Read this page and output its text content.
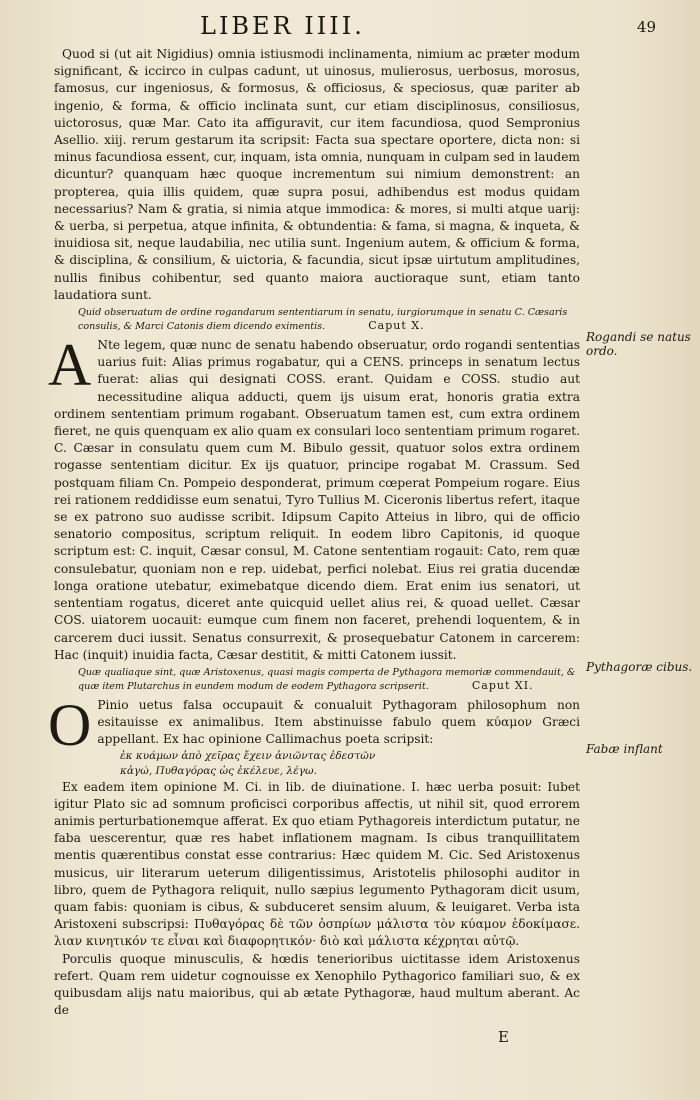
LIBER IIII.	49

Quod si (ut ait Nigidius) omnia istiusmodi inclinamenta, nimium ac præter modum significant, & iccirco in culpas cadunt, ut uinosus, mulierosus, uerbosus, morosus, famosus, cur ingeniosus, & formosus, & officiosus, & speciosus, quæ pariter ab ingenio, & forma, & officio inclinata sunt, cur etiam disciplinosus, consiliosus, uictorosus, quæ Mar. Cato ita affiguravit, cur item facundiosa, quod Sempronius Asellio. xiij. rerum gestarum ita scripsit: Facta sua spectare oportere, dicta non: si minus facundiosa essent, cur, inquam, ista omnia, nunquam in culpam sed in laudem dicuntur? quanquam hæc quoque incrementum sui nimium demonstrent: an propterea, quia illis quidem, quæ supra posui, adhibendus est modus quidam necessarius? Nam & gratia, si nimia atque immodica: & mores, si multi atque uarij: & uerba, si perpetua, atque infinita, & obtundentia: & fama, si magna, & inqueta, & inuidiosa sit, neque laudabilia, nec utilia sunt. Ingenium autem, & officium & forma, & disciplina, & consilium, & uictoria, & facundia, sicut ipsæ uirtutum amplitudines, nullis finibus cohibentur, sed quanto maiora auctioraque sunt, etiam tanto laudatiora sunt.

Quid obseruatum de ordine rogandarum sententiarum in senatu, iurgiorumque in senatu C. Cæsaris consulis, & Marci Catonis diem dicendo eximentis.	Caput X.

A Nte legem, quæ nunc de senatu habendo obseruatur, ordo rogandi sententias uarius fuit: Alias primus rogabatur, qui a CENS. princeps in senatum lectus fuerat: alias qui designati COSS. erant. Quidam e COSS. studio aut necessitudine aliqua adducti, quem ijs uisum erat, honoris gratia extra ordinem sententiam primum rogabant. Obseruatum tamen est, cum extra ordinem fieret, ne quis quenquam ex alio quam ex consulari loco sententiam primum rogaret. C. Cæsar in consulatu quem cum M. Bibulo gessit, quatuor solos extra ordinem rogasse sententiam dicitur. Ex ijs quatuor, principe rogabat M. Crassum. Sed postquam filiam Cn. Pompeio desponderat, primum cœperat Pompeium rogare. Eius rei rationem reddidisse eum senatui, Tyro Tullius M. Ciceronis libertus refert, itaque se ex patrono suo audisse scribit. Idipsum Capito Atteius in libro, qui de officio senatorio compositus, scriptum reliquit. In eodem libro Capitonis, id quoque scriptum est: C. inquit, Cæsar consul, M. Catone sententiam rogauit: Cato, rem quæ consulebatur, quoniam non e rep. uidebat, perfici nolebat. Eius rei gratia ducendæ longa oratione utebatur, eximebatque dicendo diem. Erat enim ius senatori, ut sententiam rogatus, diceret ante quicquid uellet alius rei, & quoad uellet. Cæsar COS. uiatorem uocauit: eumque cum finem non faceret, prehendi loquentem, & in carcerem duci iussit. Senatus consurrexit, & prosequebatur Catonem in carcerem: Hac (inquit) inuidia facta, Cæsar destitit, & mitti Catonem iussit.

Quæ qualiaque sint, quæ Aristoxenus, quasi magis comperta de Pythagora memoriæ commendauit, & quæ item Plutarchus in eundem modum de eodem Pythagora scripserit.	Caput XI.

O Pinio uetus falsa occupauit & conualuit Pythagoram philosophum non esitauisse ex animalibus. Item abstinuisse fabulo quem κύαμον Græci appellant. Ex hac opinione Callimachus poeta scripsit:

ἐκ κυάμων ἀπὸ χεῖρας ἔχειν ἀνιῶντας ἐδεστῶν
κἀγώ, Πυθαγόρας ὡς ἐκέλευε, λέγω.

Ex eadem item opinione M. Ci. in lib. de diuinatione. I. hæc uerba posuit: Iubet igitur Plato sic ad somnum proficisci corporibus affectis, ut nihil sit, quod errorem animis perturbationemque afferat. Ex quo etiam Pythagoreis interdictum putatur, ne faba uescerentur, quæ res habet inflationem magnam. Is cibus tranquillitatem mentis quærentibus constat esse contrarius: Hæc quidem M. Cic. Sed Aristoxenus musicus, uir literarum ueterum diligentissimus, Aristotelis philosophi auditor in libro, quem de Pythagora reliquit, nullo sæpius legumento Pythagoram dicit usum, quam fabis: quoniam is cibus, & subduceret sensim aluum, & leuigaret. Verba ista Aristoxeni subscripsi: Πυθαγόρας δὲ τῶν ὀσπρίων μάλιστα τὸν κύαμον ἐδοκίμασε. λιαν κινητικόν τε εἶναι καὶ διαφορητικόν· διὸ καὶ μάλιστα κέχρηται αὐτῷ.

Porculis quoque minusculis, & hœdis tenerioribus uictitasse idem Aristoxenus refert. Quam rem uidetur cognouisse ex Xenophilo Pythagorico familiari suo, & ex quibusdam alijs natu maioribus, qui ab ætate Pythagoræ, haud multum aberant. Ac de

Rogandi se natus ordo.
Pythagoræ cibus.
Fabæ inflant
E
